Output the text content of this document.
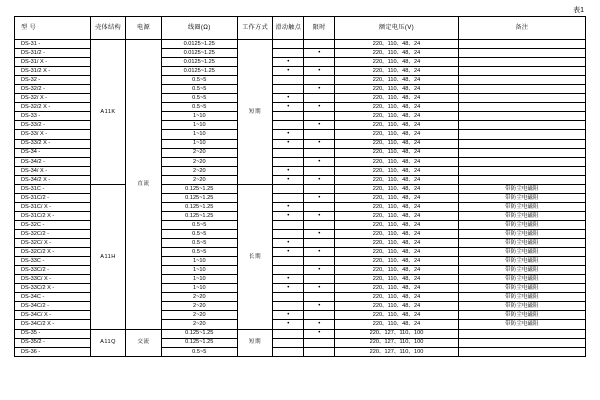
表1
型 号	壳体结构	电源	线圈(Ω)	工作方式	滑动触点	限时	额定电压(V)	备注
DS-31 -	A11K	直流	0.0125~1.25	短期			220、110、48、24	
DS-31/2 -			0.0125~1.25			•	220、110、48、24	
DS-31/ X -			0.0125~1.25		•		220、110、48、24	
DS-31/2 X -			0.0125~1.25		•	•	220、110、48、24	
DS-32 -			0.5~5				220、110、48、24	
DS-32/2 -			0.5~5			•	220、110、48、24	
DS-32/ X -			0.5~5		•		220、110、48、24	
DS-32/2 X -			0.5~5		•	•	220、110、48、24	
DS-33 -			1~10				220、110、48、24	
DS-33/2 -			1~10			•	220、110、48、24	
DS-33/ X -			1~10		•		220、110、48、24	
DS-33/2 X -			1~10		•	•	220、110、48、24	
DS-34 -			2~20				220、110、48、24	
DS-34/2 -			2~20			•	220、110、48、24	
DS-34/ X -			2~20		•		220、110、48、24	
DS-34/2 X -			2~20		•	•	220、110、48、24	
DS-31C -	A11H		0.125~1.25	长期			220、110、48、24	带防尘电磁阻
DS-31C/2 -			0.125~1.25			•	220、110、48、24	带防尘电磁阻
DS-31C/ X -			0.125~1.25		•		220、110、48、24	带防尘电磁阻
DS-31C/2 X -			0.125~1.25		•	•	220、110、48、24	带防尘电磁阻
DS-32C -			0.5~5				220、110、48、24	带防尘电磁阻
DS-32C/2 -			0.5~5			•	220、110、48、24	带防尘电磁阻
DS-32C/ X -			0.5~5		•		220、110、48、24	带防尘电磁阻
DS-32C/2 X -			0.5~5		•	•	220、110、48、24	带防尘电磁阻
DS-33C -			1~10				220、110、48、24	带防尘电磁阻
DS-33C/2 -			1~10			•	220、110、48、24	带防尘电磁阻
DS-33C/ X -			1~10		•		220、110、48、24	带防尘电磁阻
DS-33C/2 X -			1~10		•	•	220、110、48、24	带防尘电磁阻
DS-34C -			2~20				220、110、48、24	带防尘电磁阻
DS-34C/2 -			2~20			•	220、110、48、24	带防尘电磁阻
DS-34C/ X -			2~20		•		220、110、48、24	带防尘电磁阻
DS-34C/2 X -			2~20		•	•	220、110、48、24	带防尘电磁阻
DS-35 -	A11Q	交流	0.125~1.25	短期		•	220、127、110、100	
DS-35/2 -			0.125~1.25				220、127、110、100	
DS-36 -			0.5~5				220、127、110、100	
